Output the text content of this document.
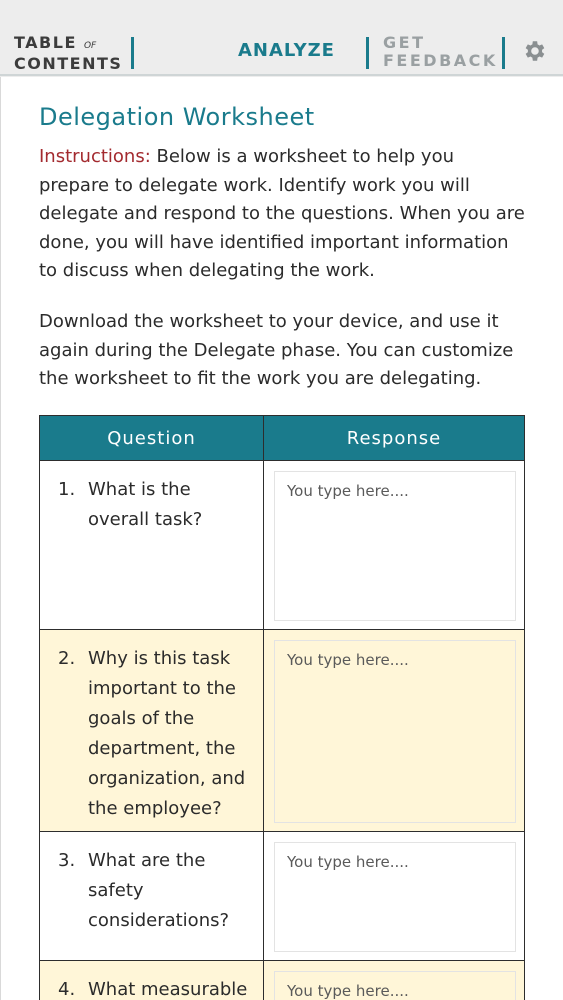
TABLE OF
CONTENTS
ANALYZE	GET
FEEDBACK
Delegation Worksheet
Instructions: Below is a worksheet to help you prepare to delegate work. Identify work you will delegate and respond to the questions. When you are done, you will have identified important information to discuss when delegating the work.
Download the worksheet to your device, and use it again during the Delegate phase. You can customize the worksheet to fit the work you are delegating.
Question	Response
1. What is the overall task?
You type here....
2. Why is this task important to the goals of the department, the organization, and the employee?
You type here....
3. What are the safety considerations?
You type here....
4. What measurable
You type here....
